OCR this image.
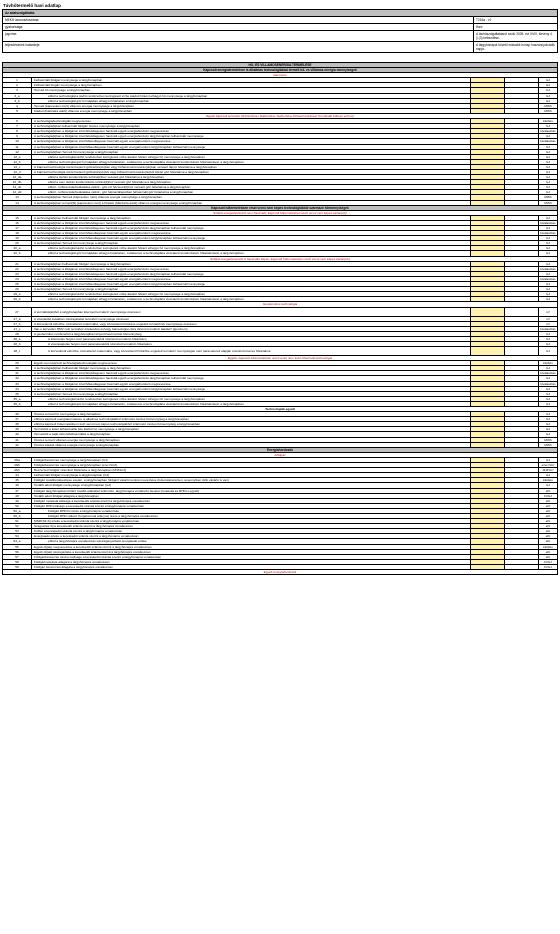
Távhőtermelő havi adatlap
Az adatszolgáltatás
MEKH azonosítószáma:	T216a - v1
gyakorisága:	Havi
jogcíme:	A távhőszolgáltatásról szóló 2005. évi XVIII. törvény 4. § (3) bekezdése.
teljesítésének határideje:	A tárgyhónapot követő második hónap huszonnyolcadik napja.
HŐ- ÉS VILLAMOSENERGIA TERMELÉSE
Kapcsolt energiatermelésre is alkalmas technológiákkal termelt hő- és villamos-energia mennyiségek
Gázmotor
1	Felhasznált földgáz mennyisége a tárgyhónapban	GJ
2	Felhasznált biogáz mennyisége a tárgyhónapban	GJ
3	Termelt hő mennyisége a tárgyhónapban	GJ
3_a	ebből a technológiát a távhő rendszerben keringtetett vízbe átadott hőként elhagyó hő mennyisége a tárgyhónapban	GJ
3_b	ebből a technológiát gőz formájában elhagyó hőtartalom a tárgyhónapban	GJ
4	Termelt (kapcsokon mért) villamos energia mennyisége a tárgyhónapban	MWh
5	Kiadott (hálózatra adott) villamos energia mennyisége a tárgyhónapban	MWh
Egyéb kapcsolt termelés (Gőzturbina+ Gázturbina; Gázturbina hőhasznosítással; Kombinált Ciklusú erőmű)
6	A technológia/technológiák megnevezése	kitöltés
7	A technológiá(k)ban felhasznált földgáz összes mennyisége a tárgyhónapban	GJ
8	A technológiá(k)ban a földgázon kívül Elsődlegesen használt egyéb energiahordozó megnevezése	kiválasztás
9	A technológiá(k)ban a földgázon kívül Elsődlegesen használt egyéb energiahordozó tárgyhónapban felhasznált mennyisége	GJ
10	A technológiá(k)ban a földgázon kívül Másodlagosan használt egyéb energiahordozó megnevezése	kiválasztás
11	A technológiá(k)ban a földgázon kívül Másodlagosan használt egyéb energiahordozó tárgyhónapban felhasznált mennyisége	GJ
12	A technológiá(k)ban Termelt hő mennyisége a tárgyhónapban	GJ
12_a	ebből a technológiát távhő rendszerben keringtetett vízbe átadott hőként elhagyó hő mennyisége a tárgyhónapban	GJ
12_b	ebből a technológiát gőz formájában elhagyó hőtartalom, csökkentve a technológiába visszatérő kondenzátum hőtartalmával, a tárgyhónapban	GJ
12_c	A Kapcsolt technológia részét képező gőzkazán(ok)ban vagy hőhasznosító kazán(ok)ban vezetett tápvíz hőtartalma a tárgyhónapban	GJ
12_d	A Kapcsolt technológia részét képező gőzkazán(ok)ból vagy hőhasznosító kazán(ok)ból kilépő gőz hőtartalma a tárgyhónapban	GJ
12_da	ebből a tisztán kondenzációs turbiná(k)hoz vezetett gőz hőtartalma a tárgyhónapban	GJ
12_db	ebből a nem tisztán kondenzációs turbiná(k)hoz vezetett gőz hőtartalma a tárgyhónapban	GJ
12_dc	ebből - turbina kiderbetásalása nélkül - gőz-víz hőcserél(ő)höz vezetett gőz hőtartalma a tárgyhónapban	GJ
12_dd	ebből - turbina kiderbetásalása nélkül - gőz halmazállapotban felhasznált gőz hőtartalma a tárgyhónapban	GJ
13	A technológiá(k)ban Termelt (kapcsokon mért) villamos energia mennyisége a tárgyhónapban	MWh
14	A technológiá(k)ban termelt(bl) (kapcsokon mért) a Kiadott (hálózatra adott) villamos energia mennyisége a tárgyhónapban	MWh
Kapcsolt hőtermelésben részt venni nem képes technológiákból származó hőmennyiségek
Szilárd energiahordozót nem használó, kapcsolt hőtermelésben részt venni nem képes kazán(ok)
15	A technológiá(k)ban Felhasznált földgáz mennyisége a tárgyhónapban	GJ
16	A technológiá(k)ban a földgázon kívül Elsődlegesen használt egyéb energiahordozó megnevezése	kiválasztás
17	A technológiá(k)ban a földgázon kívül Elsődlegesen használt egyéb energiahordozó tárgyhónapban felhasznált mennyisége	GJ
18	A technológiá(k)ban a földgázon kívül Másodlagosan használt egyéb energiahordozó megnevezése	kiválasztás
19	A technológiá(k)ban a földgázon kívül Másodlagosan használt egyéb energiahordozó tárgyhónapban felhasznált mennyisége	GJ
20	A technológiá(k)ban Termelt hő mennyisége a tárgyhónapban	GJ
20_a	ebből a technológiát távhő rendszerben keringtetett vízbe átadott hőként elhagyó hő mennyisége a tárgyhónapban	GJ
20_b	ebből a technológiát gőz formájában elhagyó hőtartalom, csökkentve a technológiába visszatérő kondenzátum hőtartalmával, a tárgyhónapban	GJ
Szilárd energiahordozót is használni képes, kapcsolt hőtermelésben részt venni nem képes kazán(ok)
21	A technológiá(k)ban Felhasznált földgáz mennyisége a tárgyhónapban	GJ
22	A technológiá(k)ban a földgázon kívül Elsődlegesen használt egyéb energiahordozó megnevezése	kiválasztás
23	A technológiá(k)ban a földgázon kívül Elsődlegesen használt egyéb energiahordozó tárgyhónapban felhasznált mennyisége	GJ
24	A technológiá(k)ban a földgázon kívül Másodlagosan használt egyéb energiahordozó megnevezése	kiválasztás
25	A technológiá(k)ban a földgázon kívül Másodlagosan használt egyéb energiahordozó tárgyhónapban felhasznált mennyisége	GJ
26	A technológiá(k)ban Termelt hő mennyisége a tárgyhónapban	GJ
26_a	ebből a technológiát távhő rendszerben keringtetett vízbe átadott hőként elhagyó hő mennyisége a tárgyhónapban	GJ
26_b	ebből a technológiát gőz formájában elhagyó hőtartalom, csökkentve a technológiába visszatérő kondenzátum hőtartalmával, a tárgyhónapban	GJ
Geotermikus technológia
27	A termálkút(ak)ból a tárgyhónapban kitermelt termálvíz mennyisége összesen	m³
27_a	A visszatöltő kutakban visszajuttatott termálvíz mennyisége összesen	m³
27_b	A közvetlenül elővízbe, közvetlenül csatornába, vagy közvetlenül hőtűrése engedett termálvízek mennyisége összesen	m³
27_c	Van-e közvetlen HMV célú termálvíz értékesítés és/vagy balneológiai célra történő termálvíz átadás? (igen/nem)	kiválasztás
28	A geotermikus rendszerből a tárgyhónapban kinyert hasznosított hőmennyiség	GJ
28_a	A kitermelés helyén mért paraméterekből számított termálvíz-hőtartalom	GJ
28_b	A visszasajtolás helyén mért paraméterekből számított termálvíz-hőtartalom	GJ
28_c	A közvetlenül elővízbe, közvetlenül csatornába, vagy közvetlenül hőtűrőbe engedett termálvíz mennyiségek mért paraméterek alapján számított összes hőtartalma	GJ
Egyéb, kapcsolt hőtermelésben részt venni nem tudó hőtermelő technológia
29	Egyéb nem kapcsolt technológia/technológiák megnevezése	kitöltés
30	A technológiá(k)ban Felhasznált földgáz mennyisége a tárgyhónapban	GJ
31	A technológiá(k)ban a földgázon kívül Elsődlegesen használt egyéb energiahordozó megnevezése	kiválasztás
32	A technológiá(k)ban a földgázon kívül Elsődlegesen használt egyéb energiahordozó tárgyhónapban felhasznált mennyisége	GJ
33	A technológiá(k)ban a földgázon kívül Másodlagosan használt egyéb energiahordozó megnevezése	kiválasztás
34	A technológiá(k)ban a földgázon kívül Másodlagosan használt egyéb energiahordozó tárgyhónapban felhasznált mennyisége	GJ
35	A technológiá(k)ban Termelt hő mennyisége a tárgyhónapban	GJ
35_a	ebből a technológiát távhő rendszerben keringtetett vízbe átadott hőként elhagyó hő mennyisége a tárgyhónapban	GJ
35_b	ebből a technológiát gőz formájában elhagyó hőtartalom, csökkentve a technológiába visszatérő kondenzátum hőtartalmával, a tárgyhónapban	GJ
Technológiák együtt
36	Összes termelt hő mennyisége a tárgyhónapban	GJ
37	ebből a kapcsolt energiatermelésre is alkalmas technológiákból származó összes hőmennyiség a tárgyhónapban	GJ
38	ebből a kapcsolt hőtermelésben részt venni nem képes technológiákból származó összes hőmennyiség a tárgyhónapban	GJ
39	Termelőtől a külső felhasználók felé kiadott hő mennyisége a tárgyhónapban	GJ
40	Termelőtől a saját célú hőfelhasználás a tárgyhónapban	GJ
41	Összes termelt villamos energia mennyisége a tárgyhónapban	MWh
42	Összes kiadott villamos energia mennyisége a tárgyhónapban	MWh
Energiahordozók
Földgáz
43/a	Földgázbeszerzés mennyisége a tárgyhónapban (GJ)	GJ
43/b	Földgázbeszerzés mennyisége a tárgyhónapban (ezer Nm3)	ezer Nm³
43/c	Beszerzett földgáz számított fűtőértéke a tárgyhónapban (MJ/Nm3)	MJ/Nm³
44	Felhasznált földgáz mennyisége a tárgyhónapban (GJ)	GJ
45	Földgáz továbbértékesítése esetén, a tárgyhónapban földgázt vásárló konkrét neveshése (felsorolásszerűen, amennyiben több vásárló is van)	kitöltés
46	Tovább adott földgáz mennyisége a tárgyhónapban (GJ)	GJ
47	Földgáz tárgyhónapban történt tovább adásából származó, tárgyhónapra vonatkozó bevétel (molekula és RHD is együtt)	eFt
48	Tovább adott földgáz átlagára a tárgyhónapban	Ft/GJ
49	Földgáz molekula költsége a kereskedői számla szerint a tárgyhónapra vonatkozóan	eFt
50	Földgáz RHD költsége a kereskedői számla szerint a tárgyhónapra vonatkozóan	eFt
50_a	Földgáz RHD fix része a tárgyhónapra vonatkozóan	eFt
50_b	Földgáz RHD változó (forgalommal arányos) része a tárgyhónapra vonatkozóan	eFt
51	MSZKSZ díj értéke a kereskedői számla szerint a tárgyhónapra vonatkozóan	eFt
52	Szagosítás díj a kereskedői számla szerint a tárgyhónapra vonatkozóan	eFt
53	Kötbér a kereskedői számla szerint a tárgyhónapra vonatkozóan	eFt
54	Energiaadó értéke a kereskedői számla szerint a tárgyhónapra vonatkozóan	eFt
54_a	ebből a tárgyhónapra vonatkozóan visszaigényelhető energiaadó értéke	eFt
55	Egyéb díj(ak) megnevezése a kereskedői számla szerint a tárgyhónapra vonatkozóan	kitöltés
56	Egyéb díj(ak) összegértéke a kereskedői számla szerint a tárgyhónapra vonatkozóan	eFt
57	Földgázbeszerzés összes költsége a kereskedői számla szerint a tárgyhónapra vonatkozóan	eFt
58	Földgázmolekula átlagára a tárgyhónapra vonatkozóan	Ft/GJ
59	Földgáz beszerzési átlagára a tárgyhónapra vonatkozóan	Ft/GJ
Egyéb energiahordozók
